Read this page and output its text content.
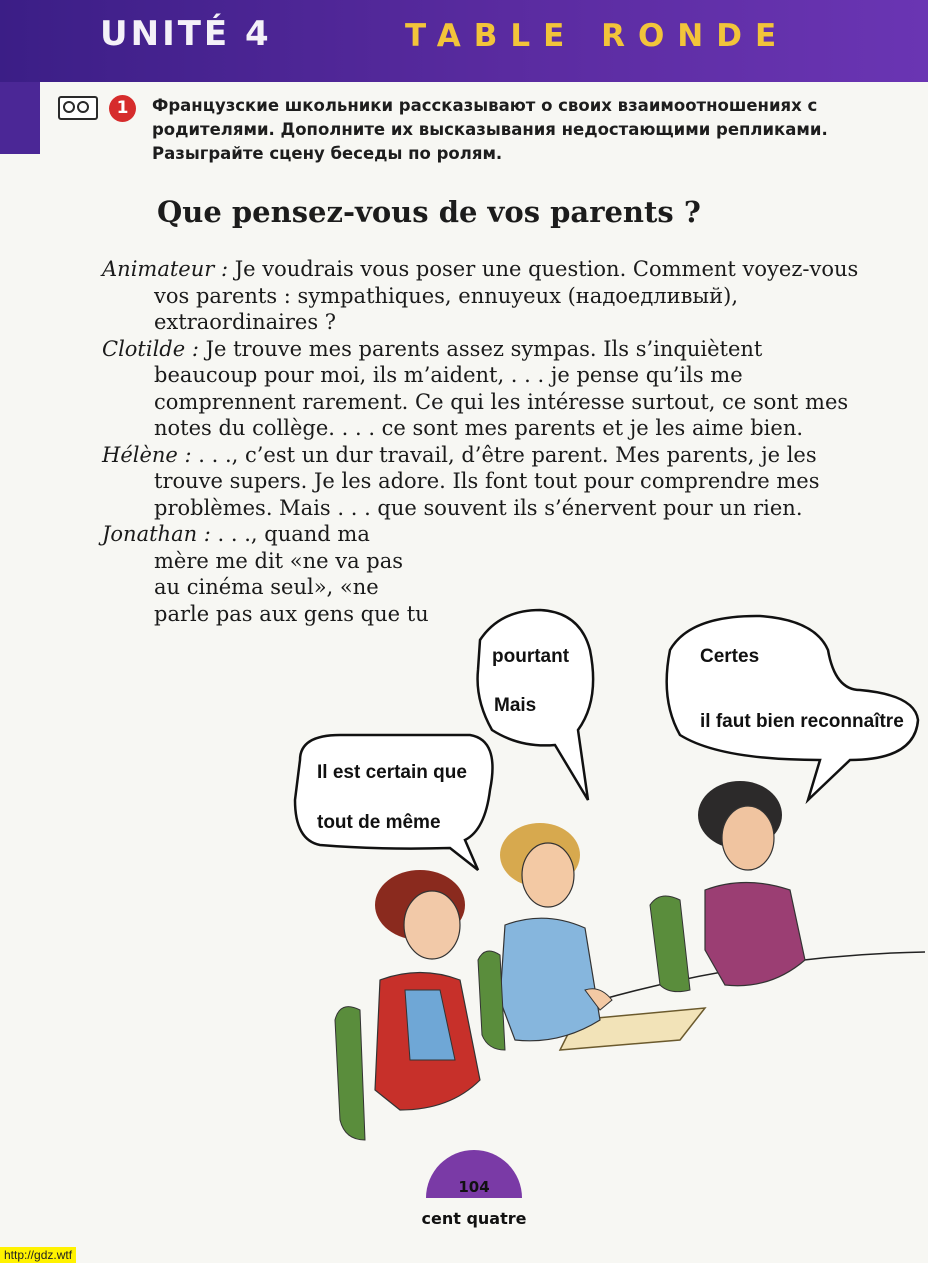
UNITÉ 4	TABLE RONDE
1	Французские школьники рассказывают о своих взаимоотношениях с родителями. Дополните их высказывания недостающими репликами. Разыграйте сцену беседы по ролям.
Que pensez-vous de vos parents ?

Animateur : Je voudrais vous poser une question. Comment voyez-vous vos parents : sympathiques, ennuyeux (надоедливый), extraordinaires ?

Clotilde : Je trouve mes parents assez sympas. Ils s’inquiètent beaucoup pour moi, ils m’aident, . . . je pense qu’ils me comprennent rarement. Ce qui les intéresse surtout, ce sont mes notes du collège. . . . ce sont mes parents et je les aime bien.

Hélène : . . ., c’est un dur travail, d’être parent. Mes parents, je les trouve supers. Je les adore. Ils font tout pour comprendre mes problèmes. Mais . . . que souvent ils s’énervent pour un rien.

Jonathan : . . ., quand ma

mère me dit «ne va pas
au cinéma seul», «ne
parle pas aux gens que tu
Il est certain que
tout de même
pourtant
Mais
Certes
il faut bien reconnaître
104
cent quatre
http://gdz.wtf
